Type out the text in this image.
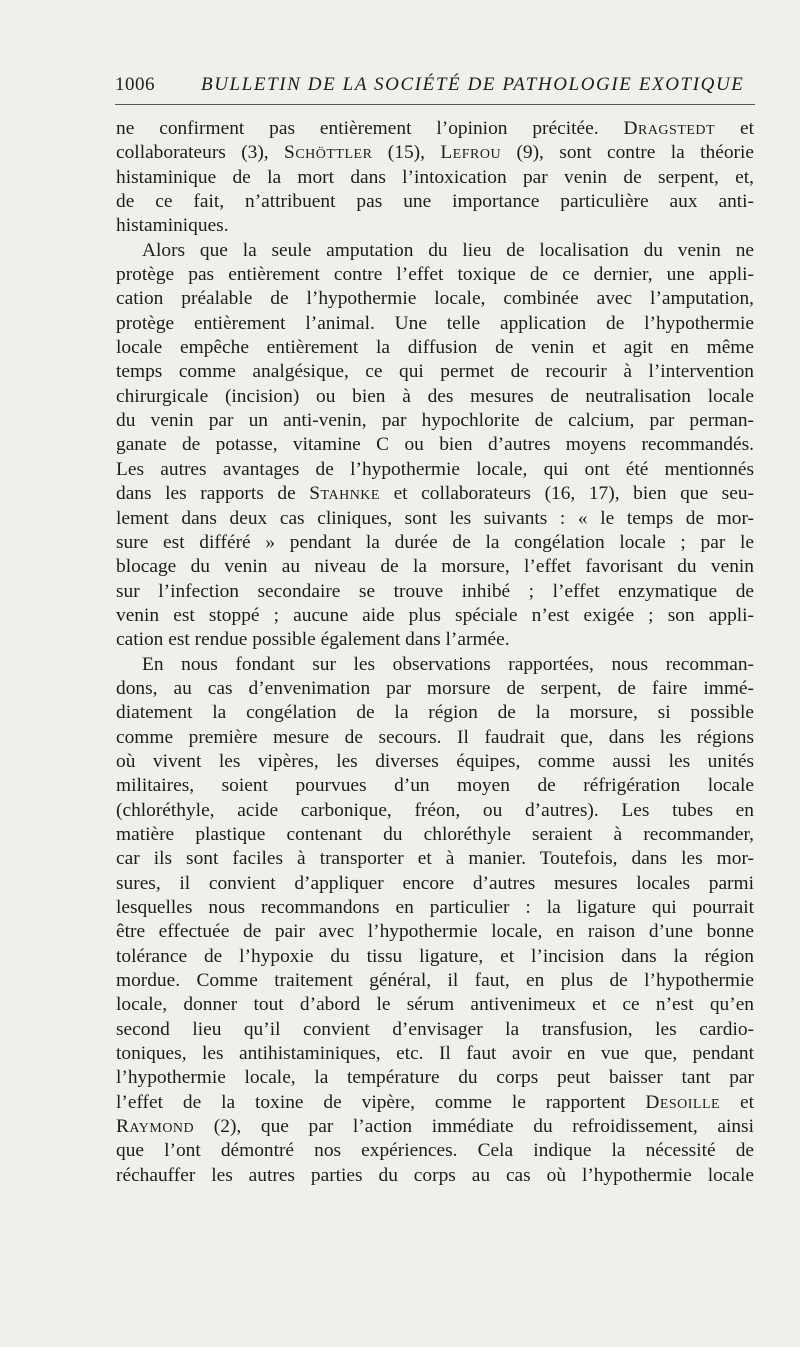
1006 BULLETIN DE LA SOCIÉTÉ DE PATHOLOGIE EXOTIQUE
ne confirment pas entièrement l’opinion précitée. Dragstedt et
collaborateurs (3), Schöttler (15), Lefrou (9), sont contre la théorie
histaminique de la mort dans l’intoxication par venin de serpent, et,
de ce fait, n’attribuent pas une importance particulière aux anti-
histaminiques.
Alors que la seule amputation du lieu de localisation du venin ne
protège pas entièrement contre l’effet toxique de ce dernier, une appli-
cation préalable de l’hypothermie locale, combinée avec l’amputation,
protège entièrement l’animal. Une telle application de l’hypothermie
locale empêche entièrement la diffusion de venin et agit en même
temps comme analgésique, ce qui permet de recourir à l’intervention
chirurgicale (incision) ou bien à des mesures de neutralisation locale
du venin par un anti-venin, par hypochlorite de calcium, par perman-
ganate de potasse, vitamine C ou bien d’autres moyens recommandés.
Les autres avantages de l’hypothermie locale, qui ont été mentionnés
dans les rapports de Stahnke et collaborateurs (16, 17), bien que seu-
lement dans deux cas cliniques, sont les suivants : « le temps de mor-
sure est différé » pendant la durée de la congélation locale ; par le
blocage du venin au niveau de la morsure, l’effet favorisant du venin
sur l’infection secondaire se trouve inhibé ; l’effet enzymatique de
venin est stoppé ; aucune aide plus spéciale n’est exigée ; son appli-
cation est rendue possible également dans l’armée.
En nous fondant sur les observations rapportées, nous recomman-
dons, au cas d’envenimation par morsure de serpent, de faire immé-
diatement la congélation de la région de la morsure, si possible
comme première mesure de secours. Il faudrait que, dans les régions
où vivent les vipères, les diverses équipes, comme aussi les unités
militaires, soient pourvues d’un moyen de réfrigération locale
(chloréthyle, acide carbonique, fréon, ou d’autres). Les tubes en
matière plastique contenant du chloréthyle seraient à recommander,
car ils sont faciles à transporter et à manier. Toutefois, dans les mor-
sures, il convient d’appliquer encore d’autres mesures locales parmi
lesquelles nous recommandons en particulier : la ligature qui pourrait
être effectuée de pair avec l’hypothermie locale, en raison d’une bonne
tolérance de l’hypoxie du tissu ligature, et l’incision dans la région
mordue. Comme traitement général, il faut, en plus de l’hypothermie
locale, donner tout d’abord le sérum antivenimeux et ce n’est qu’en
second lieu qu’il convient d’envisager la transfusion, les cardio-
toniques, les antihistaminiques, etc. Il faut avoir en vue que, pendant
l’hypothermie locale, la température du corps peut baisser tant par
l’effet de la toxine de vipère, comme le rapportent Desoille et
Raymond (2), que par l’action immédiate du refroidissement, ainsi
que l’ont démontré nos expériences. Cela indique la nécessité de
réchauffer les autres parties du corps au cas où l’hypothermie locale
